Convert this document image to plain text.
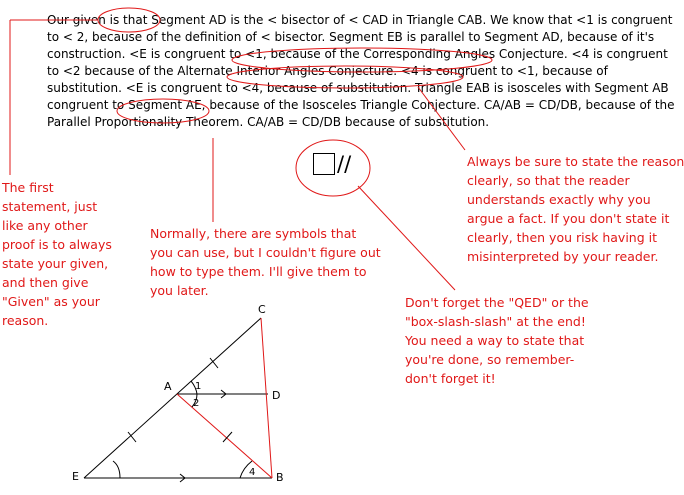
Our given is that Segment AD is the < bisector of < CAD in Triangle CAB. We know that <1 is congruent to < 2, because of the definition of < bisector. Segment EB is parallel to Segment AD, because of it's construction. <E is congruent to <1, because of the Corresponding Angles Conjecture. <4 is congruent to <2 because of the Alternate Interior Angles Conjecture. <4 is congruent to <1, because of substitution. <E is congruent to <4, because of substitution. Triangle EAB is isosceles with Segment AB congruent to Segment AE, because of the Isosceles Triangle Conjecture. CA/AB = CD/DB, because of the Parallel Proportionality Theorem. CA/AB = CD/DB because of substitution.
The first statement, just like any other proof is to always state your given, and then give "Given" as your reason.
Normally, there are symbols that you can use, but I couldn't figure out how to type them. I'll give them to you later.
Always be sure to state the reason clearly, so that the reader understands exactly why you argue a fact. If you don't state it clearly, then you risk having it misinterpreted by your reader.
Don't forget the "QED" or the "box-slash-slash" at the end! You need a way to state that you're done, so remember-don't forget it!
//
C
A
D
E	B
1
2
4
